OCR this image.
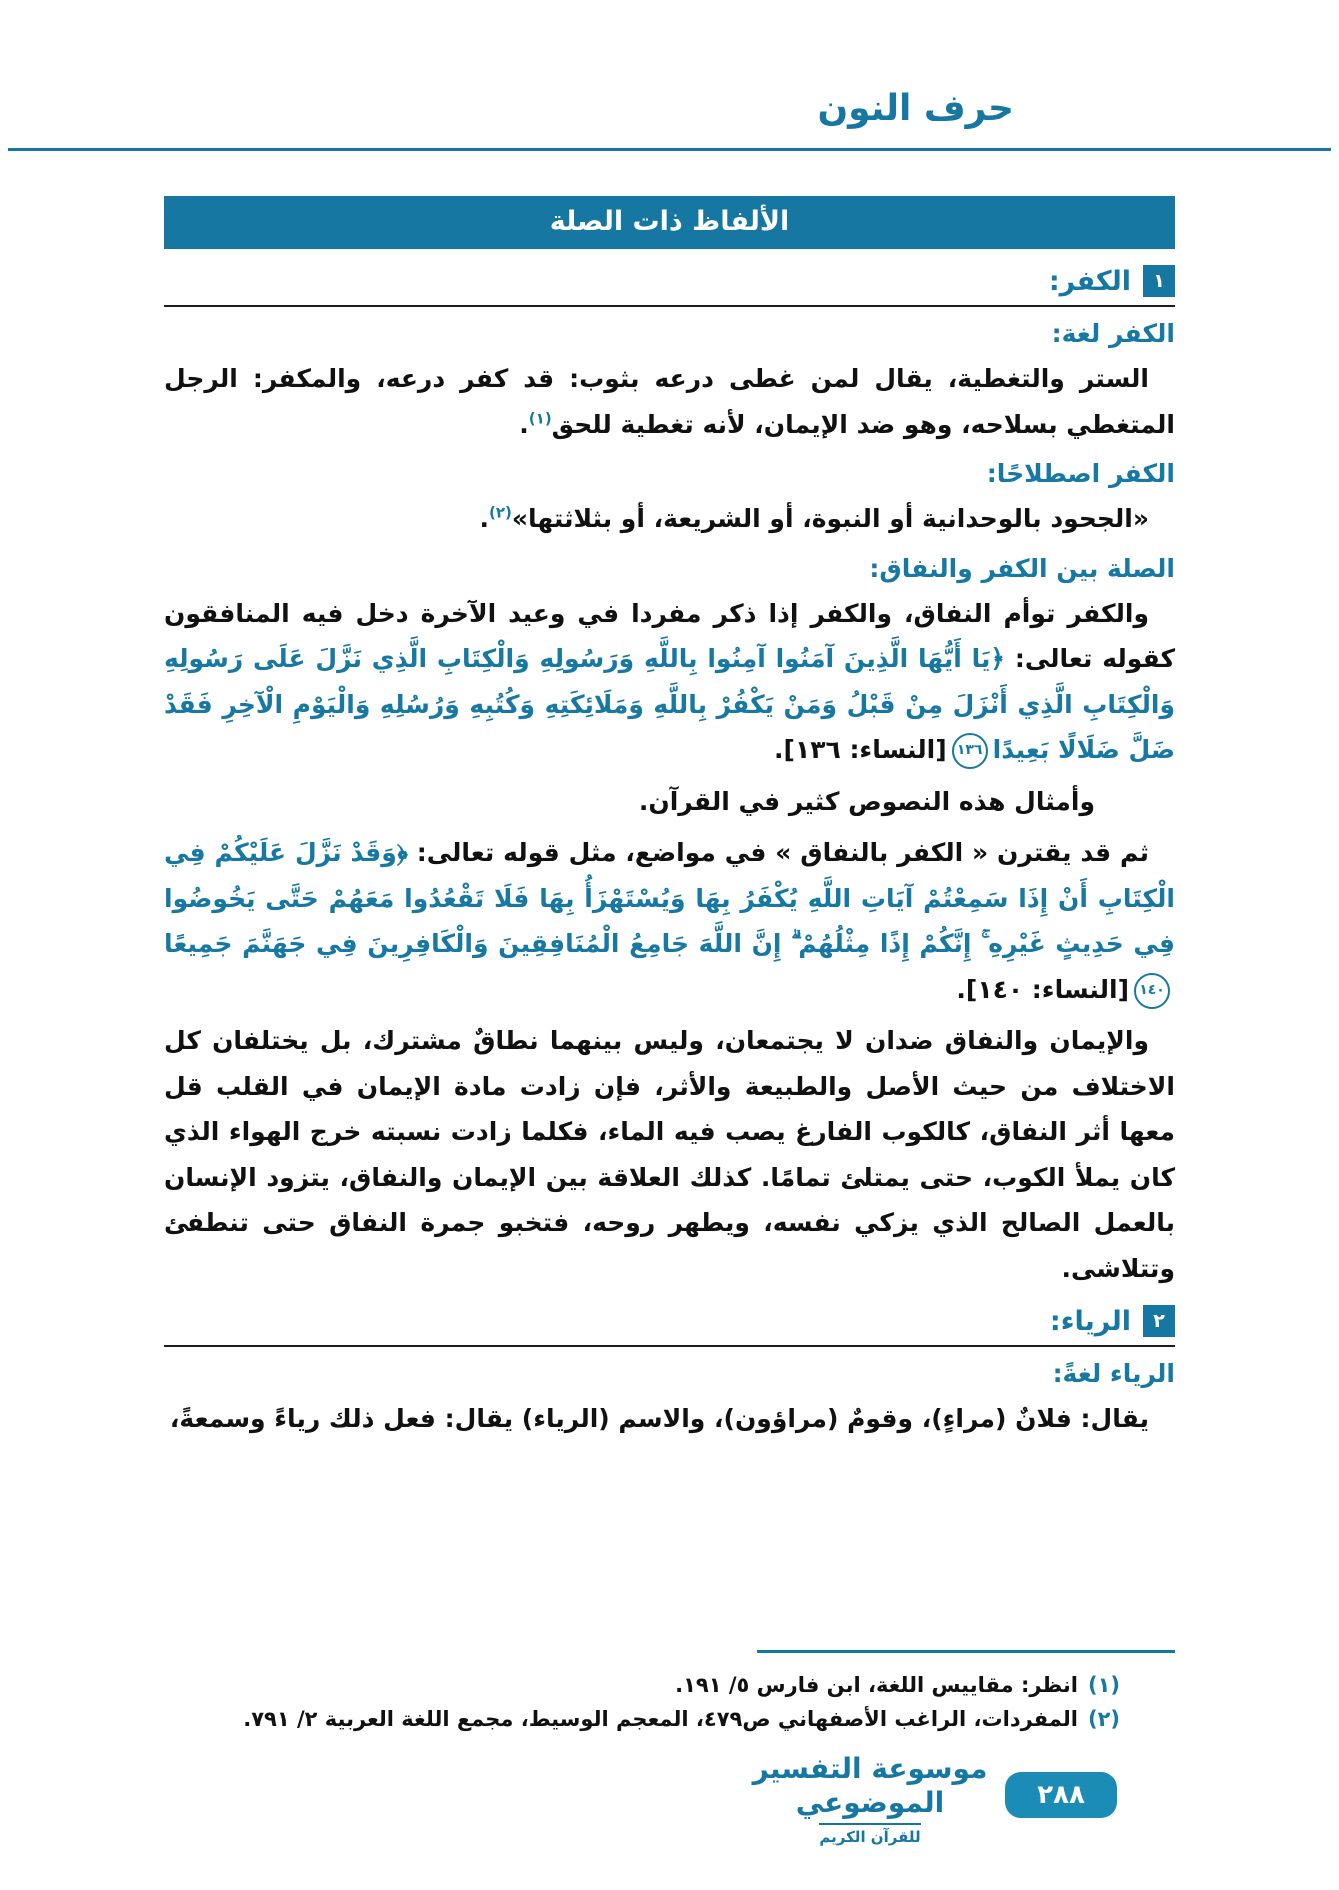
حرف النون
الألفاظ ذات الصلة
١
الكفر:
الكفر لغة:

الستر والتغطية، يقال لمن غطى درعه بثوب: قد كفر درعه، والمكفر: الرجل المتغطي بسلاحه، وهو ضد الإيمان، لأنه تغطية للحق$^{(١)}$.

الكفر اصطلاحًا:

«الجحود بالوحدانية أو النبوة، أو الشريعة، أو بثلاثتها»$^{(٢)}$.

الصلة بين الكفر والنفاق:

والكفر توأم النفاق، والكفر إذا ذكر مفردا في وعيد الآخرة دخل فيه المنافقون كقوله تعالى: ﴿يَا أَيُّهَا الَّذِينَ آمَنُوا آمِنُوا بِاللَّهِ وَرَسُولِهِ وَالْكِتَابِ الَّذِي نَزَّلَ عَلَى رَسُولِهِ وَالْكِتَابِ الَّذِي أَنْزَلَ مِنْ قَبْلُ وَمَنْ يَكْفُرْ بِاللَّهِ وَمَلَائِكَتِهِ وَكُتُبِهِ وَرُسُلِهِ وَالْيَوْمِ الْآخِرِ فَقَدْ ضَلَّ ضَلَالًا بَعِيدًا
١٣٦
[النساء: ١٣٦].

وأمثال هذه النصوص كثير في القرآن.

ثم قد يقترن « الكفر بالنفاق » في مواضع، مثل قوله تعالى: ﴿وَقَدْ نَزَّلَ عَلَيْكُمْ فِي الْكِتَابِ أَنْ إِذَا سَمِعْتُمْ آيَاتِ اللَّهِ يُكْفَرُ بِهَا وَيُسْتَهْزَأُ بِهَا فَلَا تَقْعُدُوا مَعَهُمْ حَتَّى يَخُوضُوا فِي حَدِيثٍ غَيْرِهِ ۚ إِنَّكُمْ إِذًا مِثْلُهُمْ ۗ إِنَّ اللَّهَ جَامِعُ الْمُنَافِقِينَ وَالْكَافِرِينَ فِي جَهَنَّمَ جَمِيعًا
١٤٠
[النساء: ١٤٠].

والإيمان والنفاق ضدان لا يجتمعان، وليس بينهما نطاقٌ مشترك، بل يختلفان كل الاختلاف من حيث الأصل والطبيعة والأثر، فإن زادت مادة الإيمان في القلب قل معها أثر النفاق، كالكوب الفارغ يصب فيه الماء، فكلما زادت نسبته خرج الهواء الذي كان يملأ الكوب، حتى يمتلئ تمامًا. كذلك العلاقة بين الإيمان والنفاق، يتزود الإنسان بالعمل الصالح الذي يزكي نفسه، ويطهر روحه، فتخبو جمرة النفاق حتى تنطفئ وتتلاشى.

٢
الرياء:
الرياء لغةً:

يقال: فلانٌ (مراءٍ)، وقومٌ (مراؤون)، والاسم (الرياء) يقال: فعل ذلك رياءً وسمعةً،

(١)
انظر: مقاييس اللغة، ابن فارس ٥/ ١٩١.
(٢)
المفردات، الراغب الأصفهاني ص٤٧٩، المعجم الوسيط، مجمع اللغة العربية ٢/ ٧٩١.
موسوعة التفسير الموضوعي
للقرآن الكريم
٢٨٨
